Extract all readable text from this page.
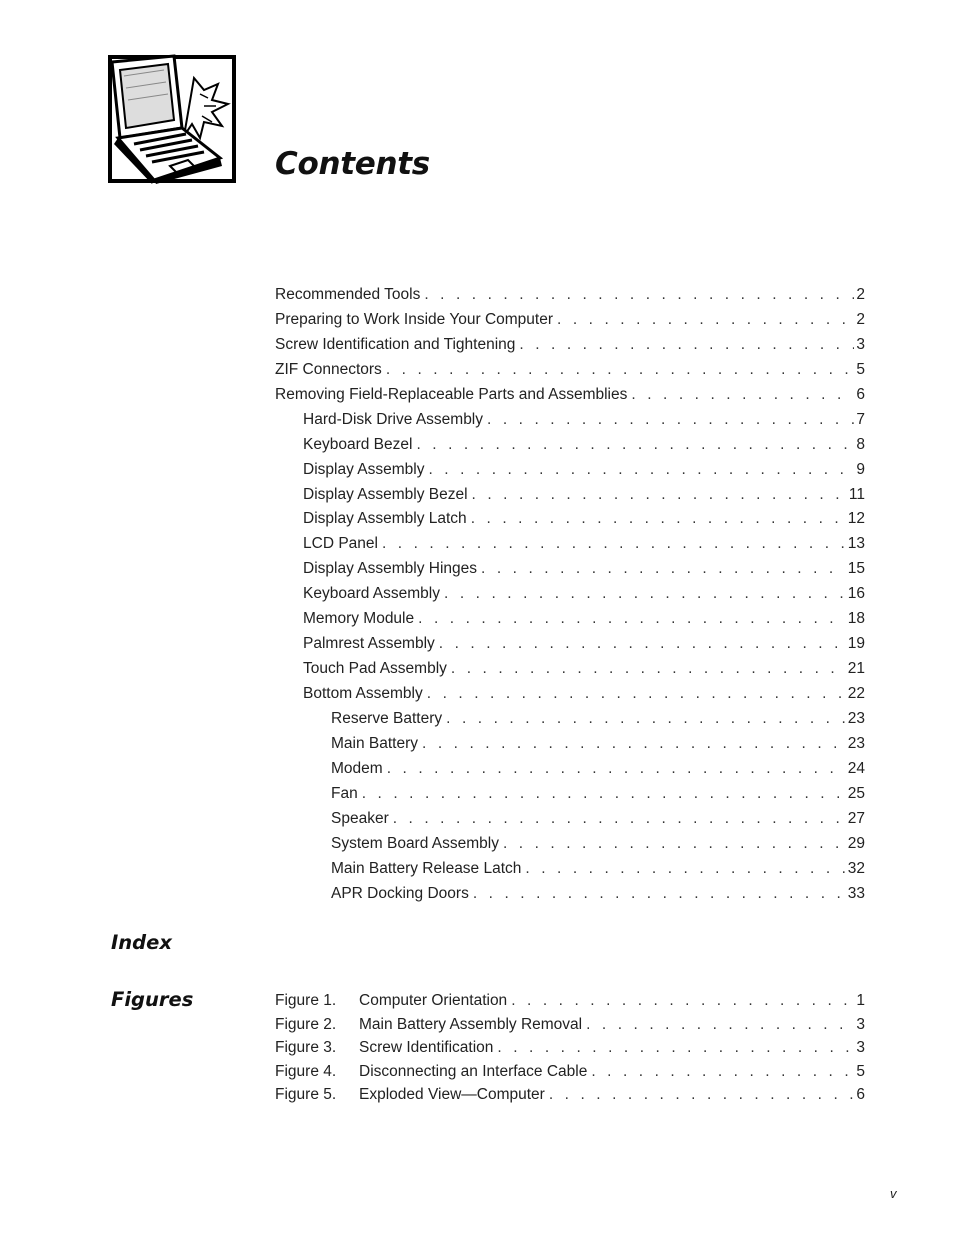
Contents
Recommended Tools . . .	2
Preparing to Work Inside Your Computer . . .	2
Screw Identification and Tightening . . .	3
ZIF Connectors . . .	5
Removing Field-Replaceable Parts and Assemblies . . .	6
Hard-Disk Drive Assembly . . .	7
Keyboard Bezel . . .	8
Display Assembly . . .	9
Display Assembly Bezel . . .	11
Display Assembly Latch . . .	12
LCD Panel . . .	13
Display Assembly Hinges . . .	15
Keyboard Assembly . . .	16
Memory Module . . .	18
Palmrest Assembly . . .	19
Touch Pad Assembly . . .	21
Bottom Assembly . . .	22
Reserve Battery . . .	23
Main Battery . . .	23
Modem . . .	24
Fan . . .	25
Speaker . . .	27
System Board Assembly . . .	29
Main Battery Release Latch . . .	32
APR Docking Doors . . .	33
Index
Figures	Figure 1.	Computer Orientation . . .	1
Figure 2.	Main Battery Assembly Removal . . .	3
Figure 3.	Screw Identification . . .	3
Figure 4.	Disconnecting an Interface Cable . . .	5
Figure 5.	Exploded View—Computer . . .	6
v
